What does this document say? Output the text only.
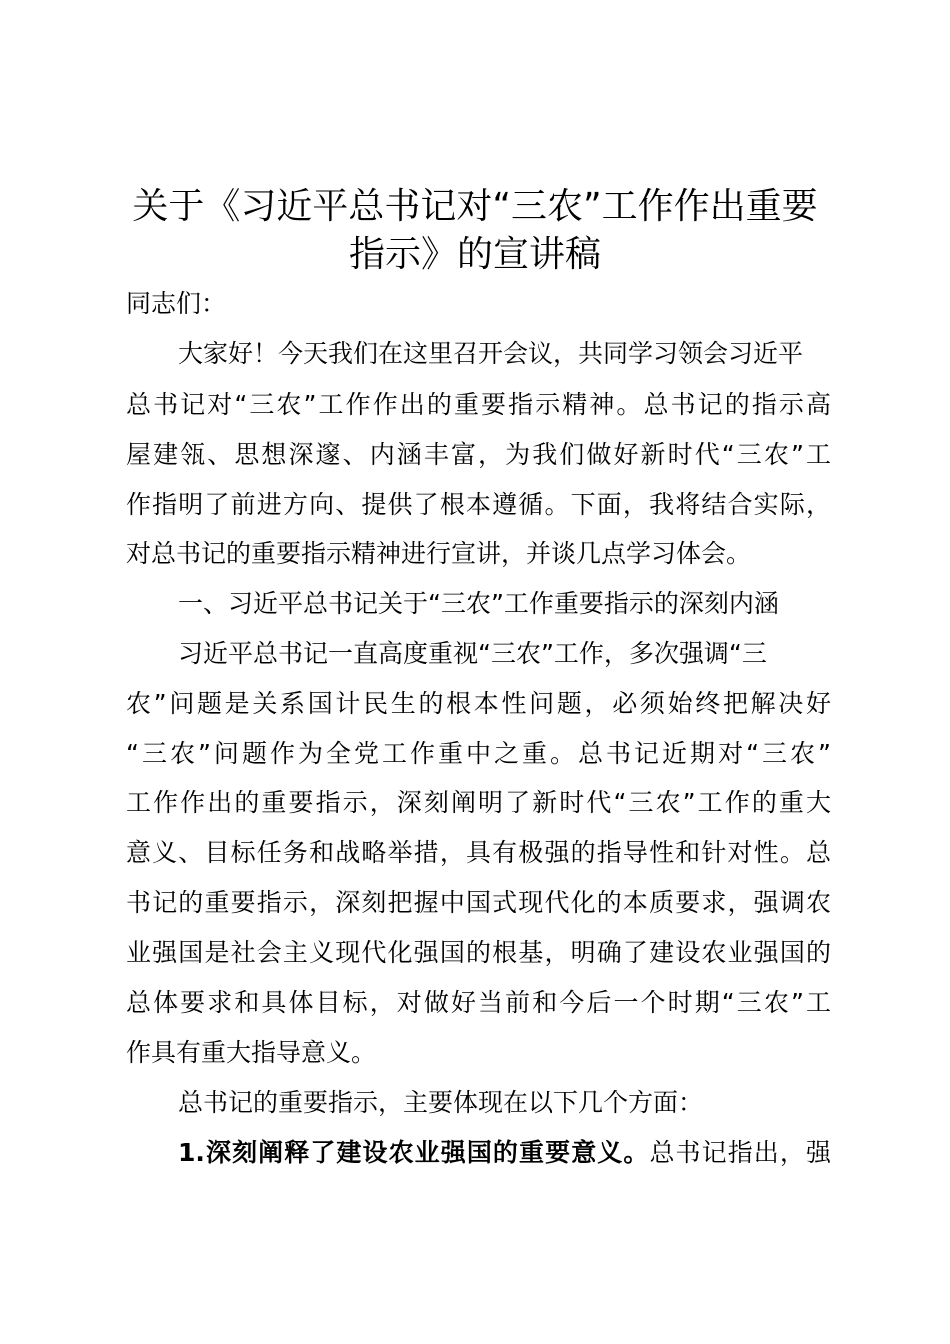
关于《习近平总书记对“三农”工作作出重要
指示》的宣讲稿

同志们：

大家好！今天我们在这里召开会议，共同学习领会习近平

总书记对“三农”工作作出的重要指示精神。总书记的指示高

屋建瓴、思想深邃、内涵丰富，为我们做好新时代“三农”工

作指明了前进方向、提供了根本遵循。下面，我将结合实际，

对总书记的重要指示精神进行宣讲，并谈几点学习体会。

一、习近平总书记关于“三农”工作重要指示的深刻内涵

习近平总书记一直高度重视“三农”工作，多次强调“三

农”问题是关系国计民生的根本性问题，必须始终把解决好

“三农”问题作为全党工作重中之重。总书记近期对“三农”

工作作出的重要指示，深刻阐明了新时代“三农”工作的重大

意义、目标任务和战略举措，具有极强的指导性和针对性。总

书记的重要指示，深刻把握中国式现代化的本质要求，强调农

业强国是社会主义现代化强国的根基，明确了建设农业强国的

总体要求和具体目标，对做好当前和今后一个时期“三农”工

作具有重大指导意义。

总书记的重要指示，主要体现在以下几个方面：

1.深刻阐释了建设农业强国的重要意义。总书记指出，强
